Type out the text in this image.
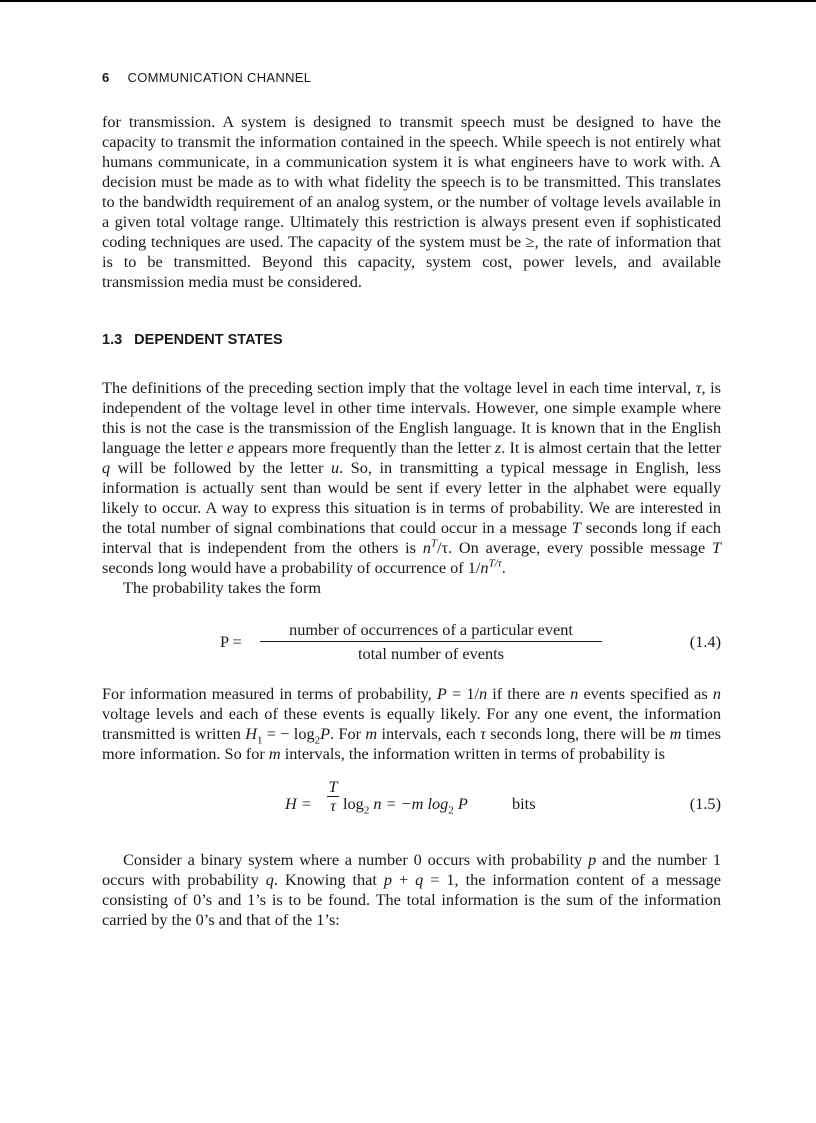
6 COMMUNICATION CHANNEL

for transmission. A system is designed to transmit speech must be designed to have the capacity to transmit the information contained in the speech. While speech is not entirely what humans communicate, in a communication system it is what engineers have to work with. A decision must be made as to with what fidelity the speech is to be transmitted. This translates to the bandwidth requirement of an analog system, or the number of voltage levels available in a given total voltage range. Ultimately this restriction is always present even if sophisticated coding techniques are used. The capacity of the system must be ≥, the rate of information that is to be transmitted. Beyond this capacity, system cost, power levels, and available transmission media must be considered.

1.3 DEPENDENT STATES

The definitions of the preceding section imply that the voltage level in each time interval, τ, is independent of the voltage level in other time intervals. However, one simple example where this is not the case is the transmission of the English language. It is known that in the English language the letter e appears more frequently than the letter z. It is almost certain that the letter q will be followed by the letter u. So, in transmitting a typical message in English, less information is actually sent than would be sent if every letter in the alphabet were equally likely to occur. A way to express this situation is in terms of probability. We are interested in the total number of signal combinations that could occur in a message T seconds long if each interval that is independent from the others is $n^T/\tau$. On average, every possible message T seconds long would have a probability of occurrence of $1/n^{T/\tau}$.

The probability takes the form

P =
number of occurrences of a particular event
total number of events
(1.4)

For information measured in terms of probability, P = 1/n if there are n events specified as n voltage levels and each of these events is equally likely. For any one event, the information transmitted is written $H_1$ = − $\log_2P$. For m intervals, each τ seconds long, there will be m times more information. So for m intervals, the information written in terms of probability is

$H = \frac{T}{\tau} \log_2 n = -m$ $\log_2 P$	bits	(1.5)

Consider a binary system where a number 0 occurs with probability p and the number 1 occurs with probability q. Knowing that p + q = 1, the information content of a message consisting of 0’s and 1’s is to be found. The total information is the sum of the information carried by the 0’s and that of the 1’s:
